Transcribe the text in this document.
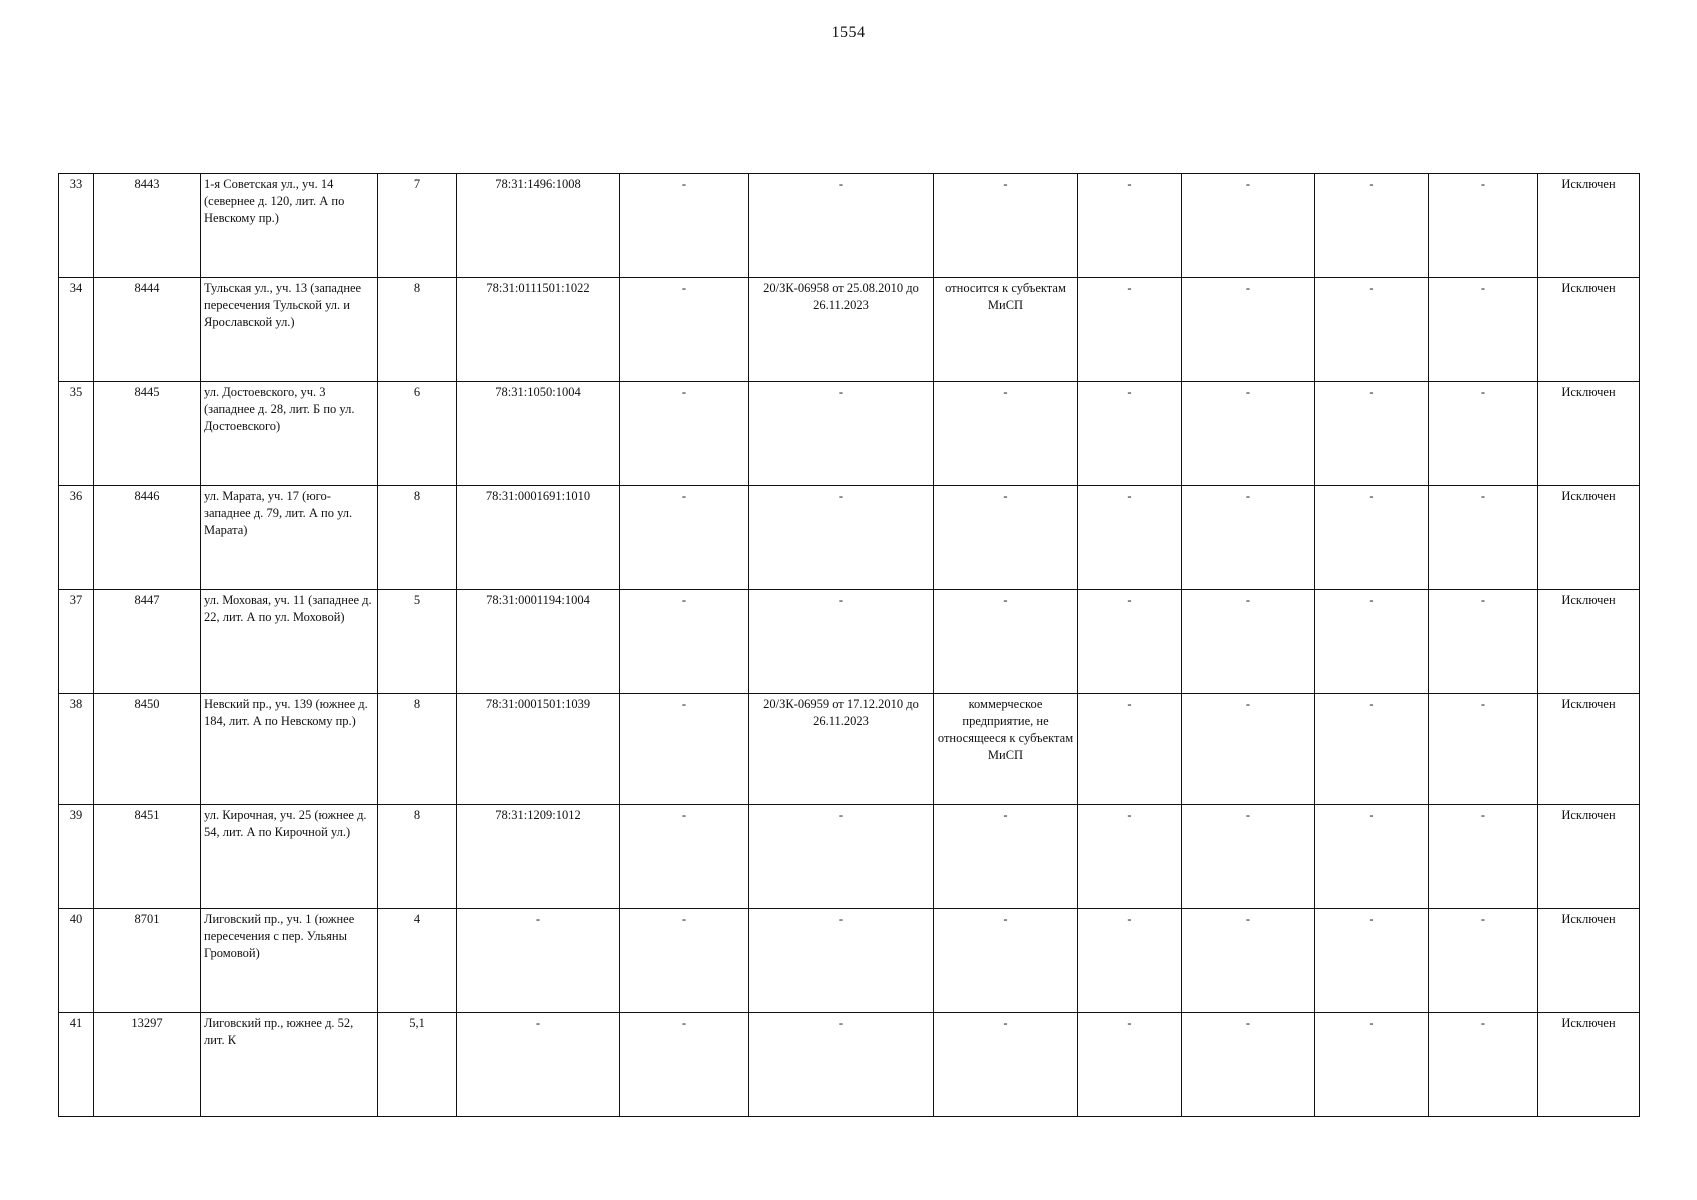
1554
33	8443	1-я Советская ул., уч. 14 (севернее д. 120, лит. А по Невскому пр.)	7	78:31:1496:1008	-	-	-	-	-	-	-	Исключен
34	8444	Тульская ул., уч. 13 (западнее пересечения Тульской ул. и Ярославской ул.)	8	78:31:0111501:1022	-	20/ЗК-06958 от 25.08.2010 до 26.11.2023	относится к субъектам МиСП	-	-	-	-	Исключен
35	8445	ул. Достоевского, уч. 3 (западнее д. 28, лит. Б по ул. Достоевского)	6	78:31:1050:1004	-	-	-	-	-	-	-	Исключен
36	8446	ул. Марата, уч. 17 (юго-западнее д. 79, лит. А по ул. Марата)	8	78:31:0001691:1010	-	-	-	-	-	-	-	Исключен
37	8447	ул. Моховая, уч. 11 (западнее д. 22, лит. А по ул. Моховой)	5	78:31:0001194:1004	-	-	-	-	-	-	-	Исключен
38	8450	Невский пр., уч. 139 (южнее д. 184, лит. А по Невскому пр.)	8	78:31:0001501:1039	-	20/ЗК-06959 от 17.12.2010 до 26.11.2023	коммерческое предприятие, не относящееся к субъектам МиСП	-	-	-	-	Исключен
39	8451	ул. Кирочная, уч. 25 (южнее д. 54, лит. А по Кирочной ул.)	8	78:31:1209:1012	-	-	-	-	-	-	-	Исключен
40	8701	Лиговский пр., уч. 1 (южнее пересечения с пер. Ульяны Громовой)	4	-	-	-	-	-	-	-	-	Исключен
41	13297	Лиговский пр., южнее д. 52, лит. К	5,1	-	-	-	-	-	-	-	-	Исключен
